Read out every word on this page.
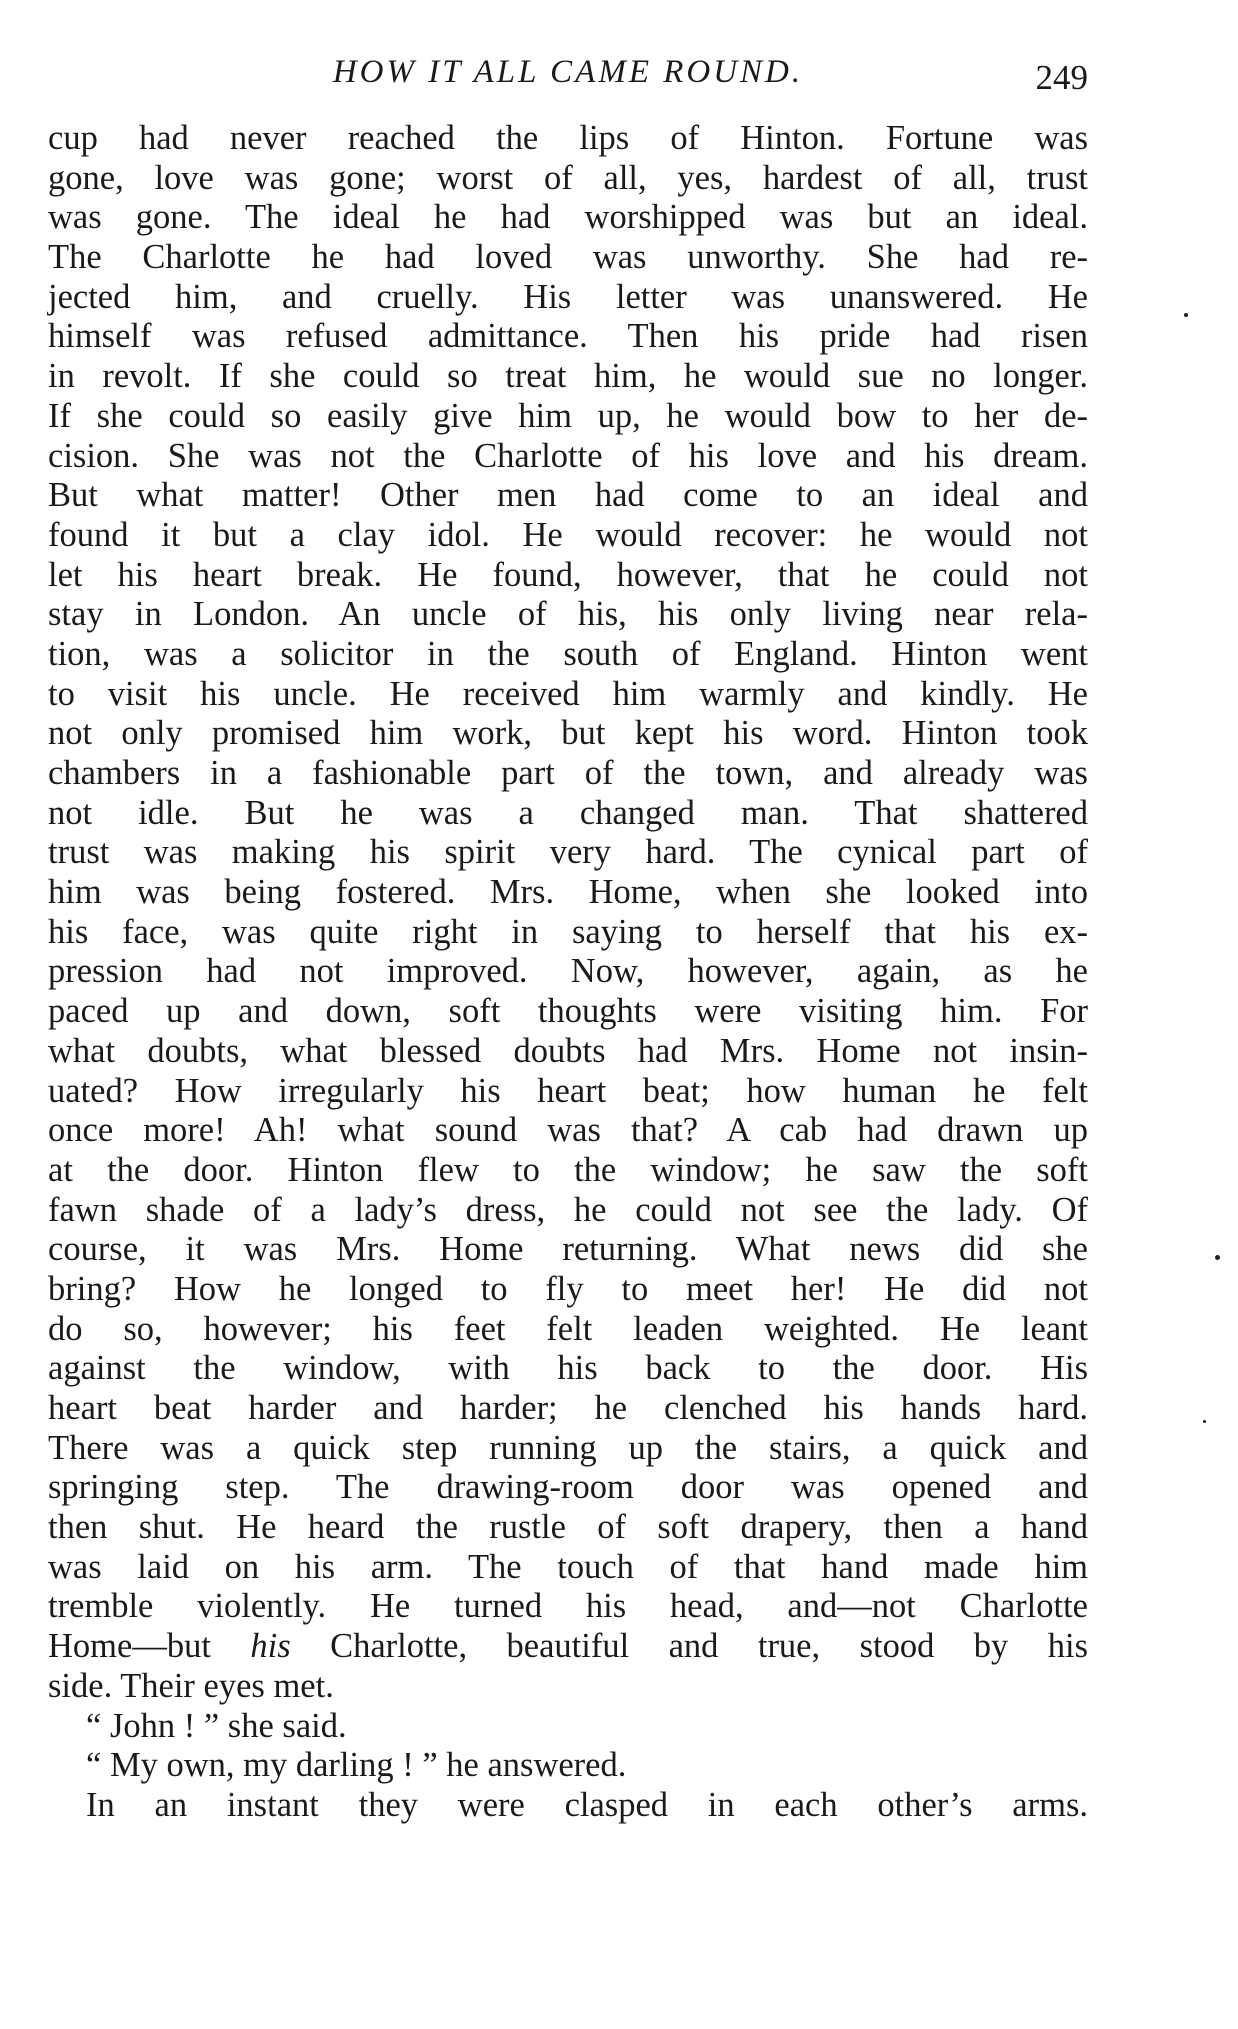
HOW IT ALL CAME ROUND.	249
cup had never reached the lips of Hinton. Fortune was
gone, love was gone; worst of all, yes, hardest of all, trust
was gone. The ideal he had worshipped was but an ideal.
The Charlotte he had loved was unworthy. She had re-
jected him, and cruelly. His letter was unanswered. He
himself was refused admittance. Then his pride had risen
in revolt. If she could so treat him, he would sue no longer.
If she could so easily give him up, he would bow to her de-
cision. She was not the Charlotte of his love and his dream.
But what matter! Other men had come to an ideal and
found it but a clay idol. He would recover: he would not
let his heart break. He found, however, that he could not
stay in London. An uncle of his, his only living near rela-
tion, was a solicitor in the south of England. Hinton went
to visit his uncle. He received him warmly and kindly. He
not only promised him work, but kept his word. Hinton took
chambers in a fashionable part of the town, and already was
not idle. But he was a changed man. That shattered
trust was making his spirit very hard. The cynical part of
him was being fostered. Mrs. Home, when she looked into
his face, was quite right in saying to herself that his ex-
pression had not improved. Now, however, again, as he
paced up and down, soft thoughts were visiting him. For
what doubts, what blessed doubts had Mrs. Home not insin-
uated? How irregularly his heart beat; how human he felt
once more! Ah! what sound was that? A cab had drawn up
at the door. Hinton flew to the window; he saw the soft
fawn shade of a lady’s dress, he could not see the lady. Of
course, it was Mrs. Home returning. What news did she
bring? How he longed to fly to meet her! He did not
do so, however; his feet felt leaden weighted. He leant
against the window, with his back to the door. His
heart beat harder and harder; he clenched his hands hard.
There was a quick step running up the stairs, a quick and
springing step. The drawing-room door was opened and
then shut. He heard the rustle of soft drapery, then a hand
was laid on his arm. The touch of that hand made him
tremble violently. He turned his head, and—not Charlotte
Home—but his Charlotte, beautiful and true, stood by his
side. Their eyes met.
“ John ! ” she said.
“ My own, my darling ! ” he answered.
In an instant they were clasped in each other’s arms.
